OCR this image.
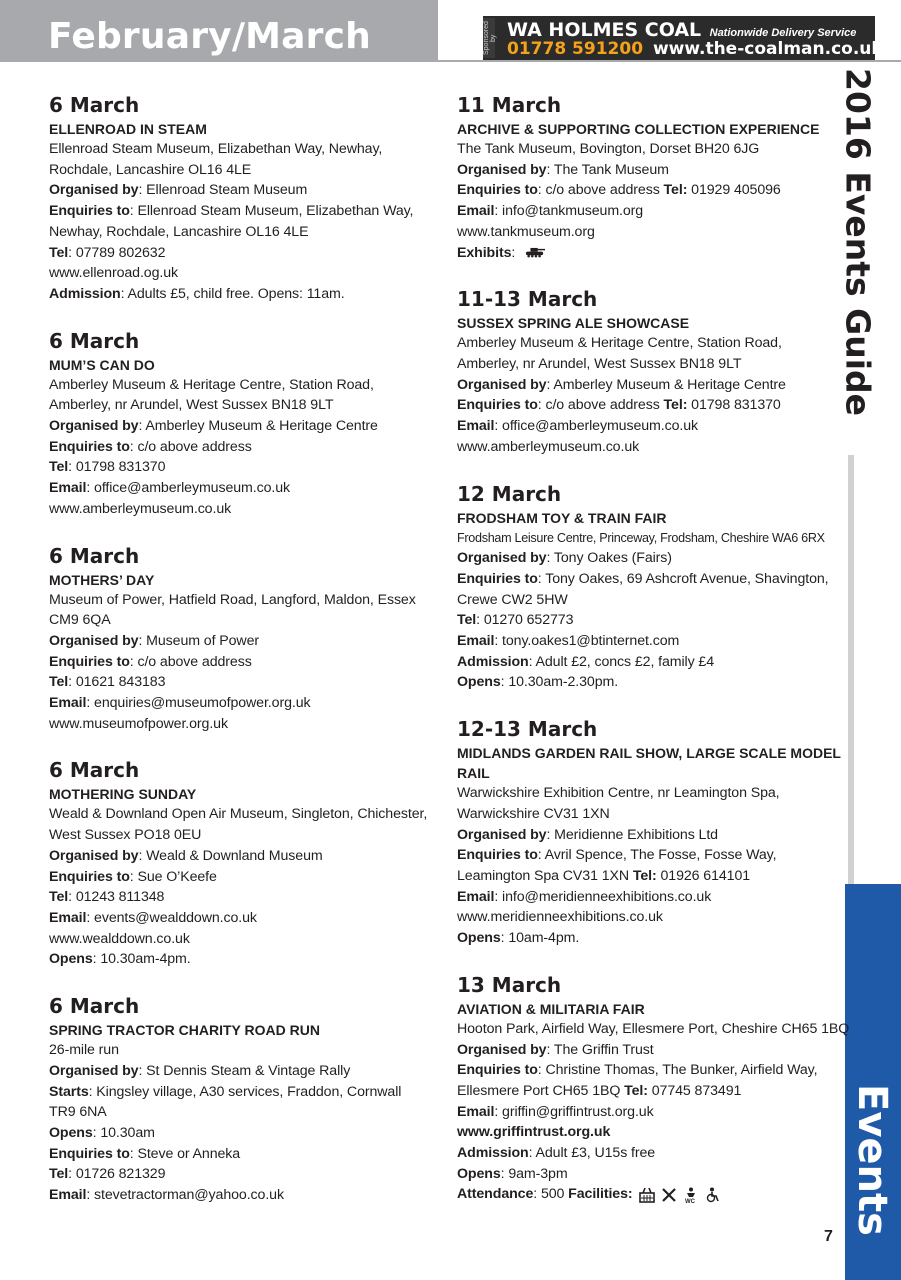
February/March	Sponsored by WA HOLMES COAL Nationwide Delivery Service
01778 591200 www.the-coalman.co.uk
2016 Events Guide
Events
7
6 March
ELLENROAD IN STEAM
Ellenroad Steam Museum, Elizabethan Way, Newhay,
Rochdale, Lancashire OL16 4LE
Organised by: Ellenroad Steam Museum
Enquiries to: Ellenroad Steam Museum, Elizabethan Way,
Newhay, Rochdale, Lancashire OL16 4LE
Tel: 07789 802632
www.ellenroad.og.uk
Admission: Adults £5, child free. Opens: 11am.
6 March
MUM’S CAN DO
Amberley Museum & Heritage Centre, Station Road,
Amberley, nr Arundel, West Sussex BN18 9LT
Organised by: Amberley Museum & Heritage Centre
Enquiries to: c/o above address
Tel: 01798 831370
Email: office@amberleymuseum.co.uk
www.amberleymuseum.co.uk
6 March
MOTHERS’ DAY
Museum of Power, Hatfield Road, Langford, Maldon, Essex
CM9 6QA
Organised by: Museum of Power
Enquiries to: c/o above address
Tel: 01621 843183
Email: enquiries@museumofpower.org.uk
www.museumofpower.org.uk
6 March
MOTHERING SUNDAY
Weald & Downland Open Air Museum, Singleton, Chichester,
West Sussex PO18 0EU
Organised by: Weald & Downland Museum
Enquiries to: Sue O’Keefe
Tel: 01243 811348
Email: events@wealddown.co.uk
www.wealddown.co.uk
Opens: 10.30am-4pm.
6 March
SPRING TRACTOR CHARITY ROAD RUN
26-mile run
Organised by: St Dennis Steam & Vintage Rally
Starts: Kingsley village, A30 services, Fraddon, Cornwall
TR9 6NA
Opens: 10.30am
Enquiries to: Steve or Anneka
Tel: 01726 821329
Email: stevetractorman@yahoo.co.uk
11 March
ARCHIVE & SUPPORTING COLLECTION EXPERIENCE
The Tank Museum, Bovington, Dorset BH20 6JG
Organised by: The Tank Museum
Enquiries to: c/o above address Tel: 01929 405096
Email: info@tankmuseum.org
www.tankmuseum.org
Exhibits:
11-13 March
SUSSEX SPRING ALE SHOWCASE
Amberley Museum & Heritage Centre, Station Road,
Amberley, nr Arundel, West Sussex BN18 9LT
Organised by: Amberley Museum & Heritage Centre
Enquiries to: c/o above address Tel: 01798 831370
Email: office@amberleymuseum.co.uk
www.amberleymuseum.co.uk
12 March
FRODSHAM TOY & TRAIN FAIR
Frodsham Leisure Centre, Princeway, Frodsham, Cheshire WA6 6RX
Organised by: Tony Oakes (Fairs)
Enquiries to: Tony Oakes, 69 Ashcroft Avenue, Shavington,
Crewe CW2 5HW
Tel: 01270 652773
Email: tony.oakes1@btinternet.com
Admission: Adult £2, concs £2, family £4
Opens: 10.30am-2.30pm.
12-13 March
MIDLANDS GARDEN RAIL SHOW, LARGE SCALE MODEL RAIL
Warwickshire Exhibition Centre, nr Leamington Spa,
Warwickshire CV31 1XN
Organised by: Meridienne Exhibitions Ltd
Enquiries to: Avril Spence, The Fosse, Fosse Way,
Leamington Spa CV31 1XN Tel: 01926 614101
Email: info@meridienneexhibitions.co.uk
www.meridienneexhibitions.co.uk
Opens: 10am-4pm.
13 March
AVIATION & MILITARIA FAIR
Hooton Park, Airfield Way, Ellesmere Port, Cheshire CH65 1BQ
Organised by: The Griffin Trust
Enquiries to: Christine Thomas, The Bunker, Airfield Way,
Ellesmere Port CH65 1BQ Tel: 07745 873491
Email: griffin@griffintrust.org.uk
www.griffintrust.org.uk
Admission: Adult £3, U15s free
Opens: 9am-3pm
Attendance: 500 Facilities:
